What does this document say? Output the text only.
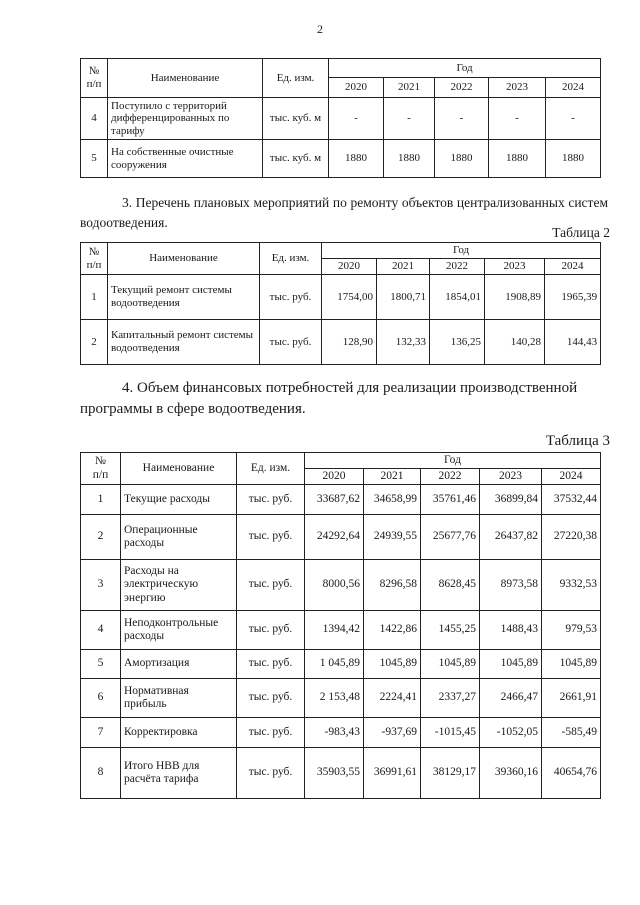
2
№
п/п	Наименование	Ед. изм.	Год				
			2020	2021	2022	2023	2024
4	Поступило с территорий дифференцированных по тарифу	тыс. куб. м	-	-	-	-	-
5	На собственные очистные сооружения	тыс. куб. м	1880	1880	1880	1880	1880
3. Перечень плановых мероприятий по ремонту объектов централизованных систем водоотведения.
Таблица 2
№
п/п	Наименование	Ед. изм.	Год				
			2020	2021	2022	2023	2024
1	Текущий ремонт системы водоотведения	тыс. руб.	1754,00	1800,71	1854,01	1908,89	1965,39
2	Капитальный ремонт системы водоотведения	тыс. руб.	128,90	132,33	136,25	140,28	144,43
4. Объем финансовых потребностей для реализации производственной программы в сфере водоотведения.
Таблица 3
№
п/п	Наименование	Ед. изм.	Год				
			2020	2021	2022	2023	2024
1	Текущие расходы	тыс. руб.	33687,62	34658,99	35761,46	36899,84	37532,44
2	Операционные расходы	тыс. руб.	24292,64	24939,55	25677,76	26437,82	27220,38
3	Расходы на электрическую энергию	тыс. руб.	8000,56	8296,58	8628,45	8973,58	9332,53
4	Неподконтрольные расходы	тыс. руб.	1394,42	1422,86	1455,25	1488,43	979,53
5	Амортизация	тыс. руб.	1 045,89	1045,89	1045,89	1045,89	1045,89
6	Нормативная прибыль	тыс. руб.	2 153,48	2224,41	2337,27	2466,47	2661,91
7	Корректировка	тыс. руб.	-983,43	-937,69	-1015,45	-1052,05	-585,49
8	Итого НВВ для расчёта тарифа	тыс. руб.	35903,55	36991,61	38129,17	39360,16	40654,76
